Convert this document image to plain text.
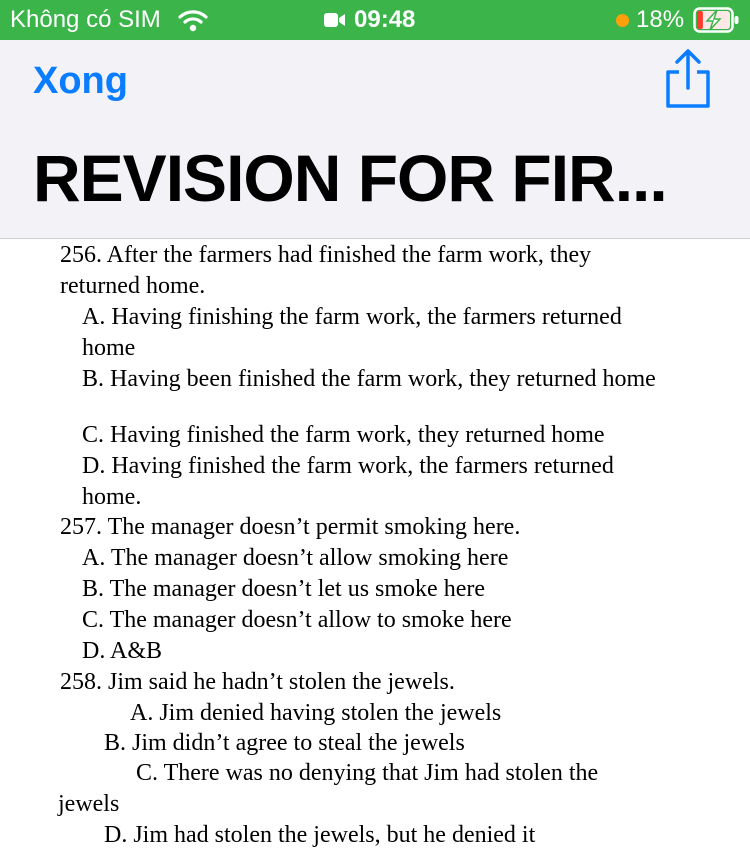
Không có SIM	09:48	18%
Xong
REVISION FOR FIR...
256. After the farmers had finished the farm work, they
returned home.
A. Having finishing the farm work, the farmers returned
home
B. Having been finished the farm work, they returned home
C. Having finished the farm work, they returned home
D. Having finished the farm work, the farmers returned
home.
257. The manager doesn’t permit smoking here.
A. The manager doesn’t allow smoking here
B. The manager doesn’t let us smoke here
C. The manager doesn’t allow to smoke here
D. A&B
258. Jim said he hadn’t stolen the jewels.
A. Jim denied having stolen the jewels
B. Jim didn’t agree to steal the jewels
C. There was no denying that Jim had stolen the
jewels
D. Jim had stolen the jewels, but he denied it
